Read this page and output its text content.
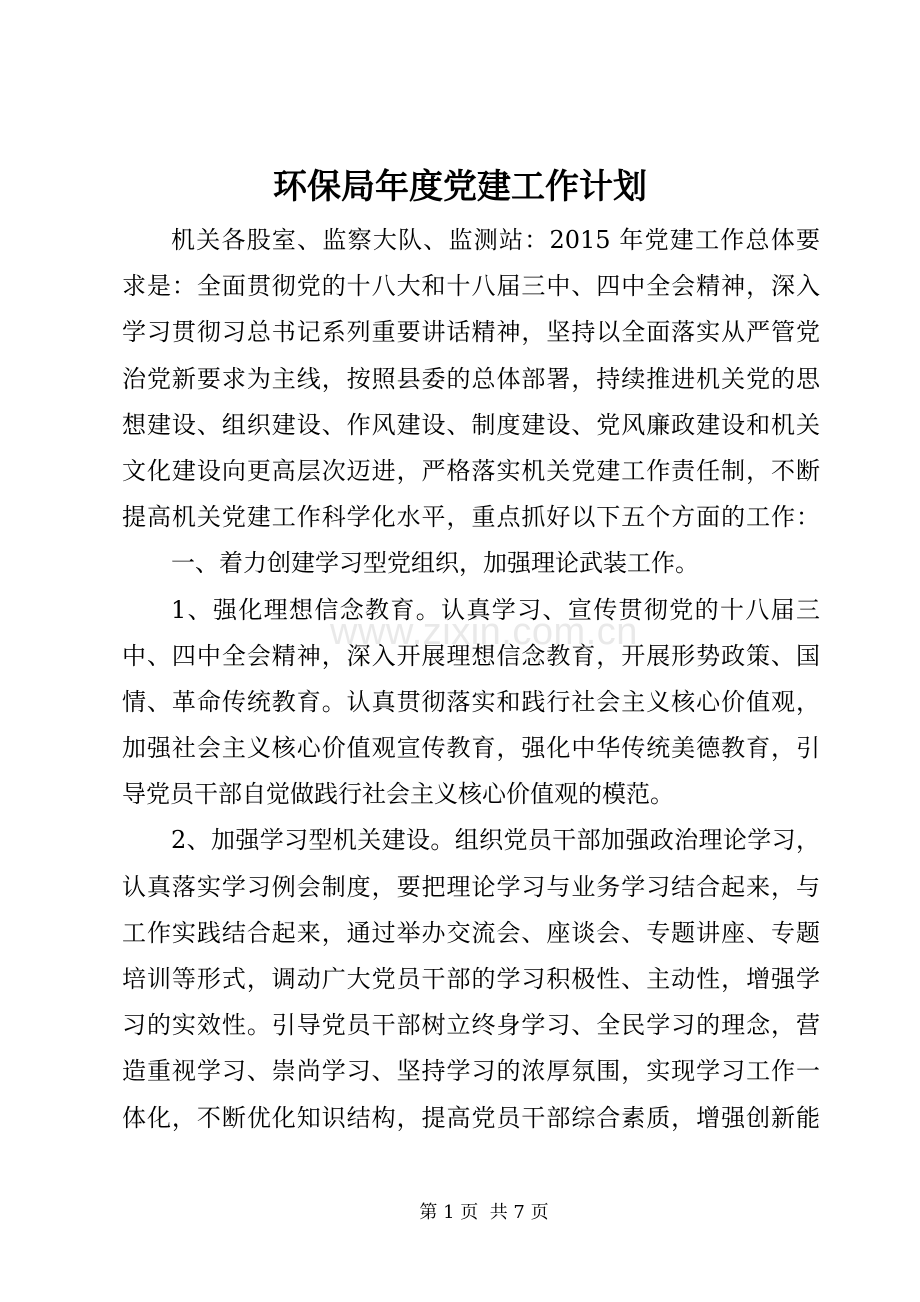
www.zixin.com.cn
环保局年度党建工作计划
机关各股室、监察大队、监测站：2015 年党建工作总体要
求是：全面贯彻党的十八大和十八届三中、四中全会精神，深入
学习贯彻习总书记系列重要讲话精神，坚持以全面落实从严管党
治党新要求为主线，按照县委的总体部署，持续推进机关党的思
想建设、组织建设、作风建设、制度建设、党风廉政建设和机关
文化建设向更高层次迈进，严格落实机关党建工作责任制，不断
提高机关党建工作科学化水平，重点抓好以下五个方面的工作：
一、着力创建学习型党组织，加强理论武装工作。
1、强化理想信念教育。认真学习、宣传贯彻党的十八届三
中、四中全会精神，深入开展理想信念教育，开展形势政策、国
情、革命传统教育。认真贯彻落实和践行社会主义核心价值观，
加强社会主义核心价值观宣传教育，强化中华传统美德教育，引
导党员干部自觉做践行社会主义核心价值观的模范。
2、加强学习型机关建设。组织党员干部加强政治理论学习，
认真落实学习例会制度，要把理论学习与业务学习结合起来，与
工作实践结合起来，通过举办交流会、座谈会、专题讲座、专题
培训等形式，调动广大党员干部的学习积极性、主动性，增强学
习的实效性。引导党员干部树立终身学习、全民学习的理念，营
造重视学习、崇尚学习、坚持学习的浓厚氛围，实现学习工作一
体化，不断优化知识结构，提高党员干部综合素质，增强创新能
第 1 页  共 7 页
